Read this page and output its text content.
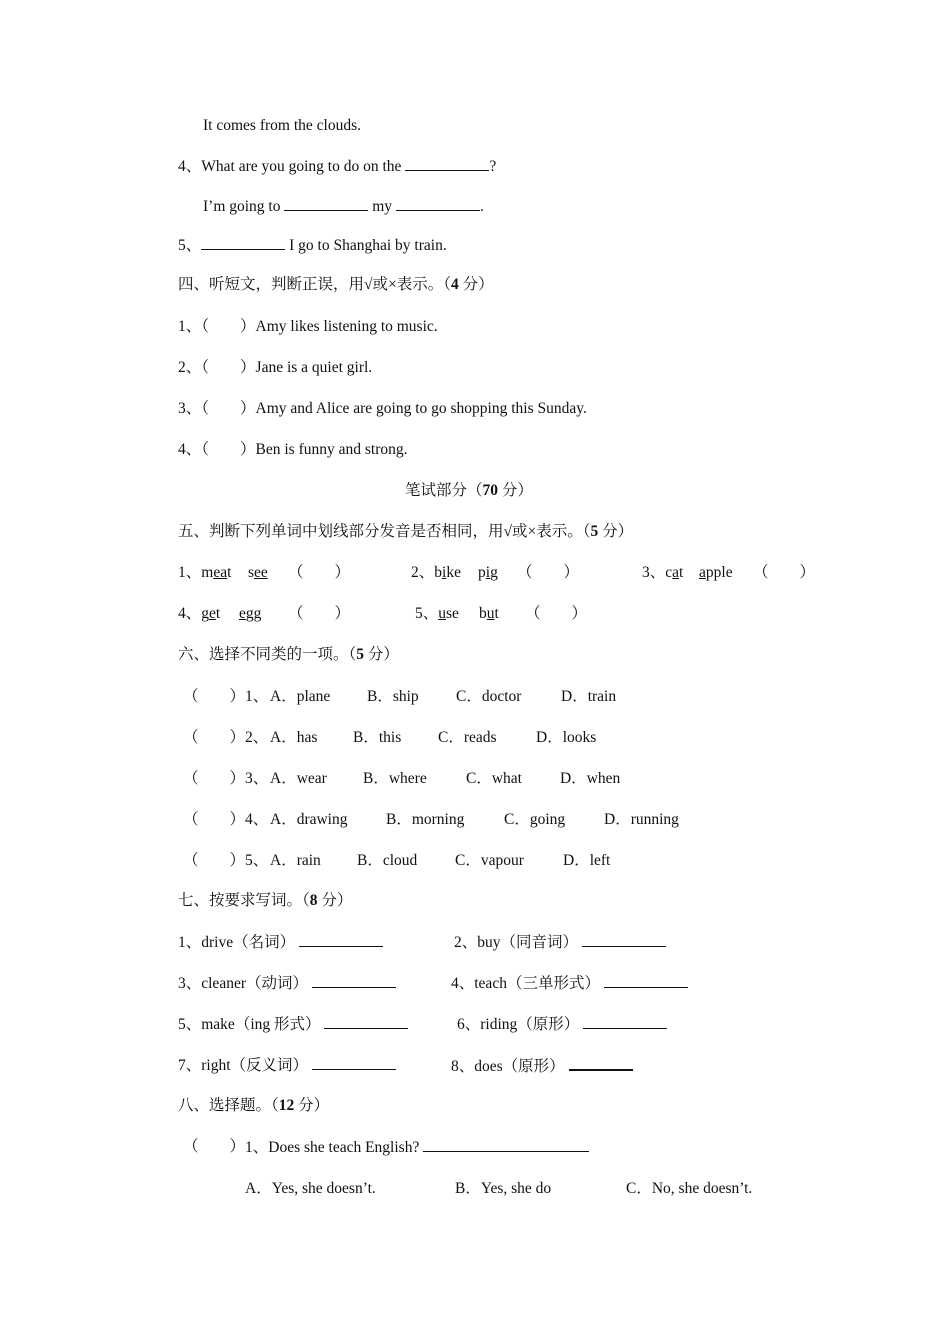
It comes from the clouds.
4、What are you going to do on the	?
I’m going to	my	.
5、	I go to Shanghai by train.
四、听短文，判断正误，用√或×表示。（4 分）
1、（        ）Amy likes listening to music.
2、（        ）Jane is a quiet girl.
3、（        ）Amy and Alice are going to go shopping this Sunday.
4、（        ）Ben is funny and strong.
笔试部分（70 分）
五、判断下列单词中划线部分发音是否相同，用√或×表示。（5 分）
1、meat see （        ）	2、bike pig （        ）	3、cat apple （        ）
4、get egg （        ）	5、use but （        ）
六、选择不同类的一项。（5 分）
（        ） 1、 A．plane B．ship C．doctor	D．train
（        ） 2、 A．has B．this C．reads	D．looks
（        ） 3、 A．wear B．where	C．what D．when
（        ） 4、 A．drawing B．morning	C．going	D．running
（        ） 5、 A．rain B．cloud C．vapour	D．left
七、按要求写词。（8 分）
1、drive（名词）	2、buy（同音词）
3、cleaner（动词）	4、teach（三单形式）
5、make（ing 形式）	6、riding（原形）
7、right（反义词）	8、does（原形）
八、选择题。（12 分）
（        ） 1、Does she teach English?
A．Yes, she doesn’t.	B．Yes, she do	C．No, she doesn’t.
